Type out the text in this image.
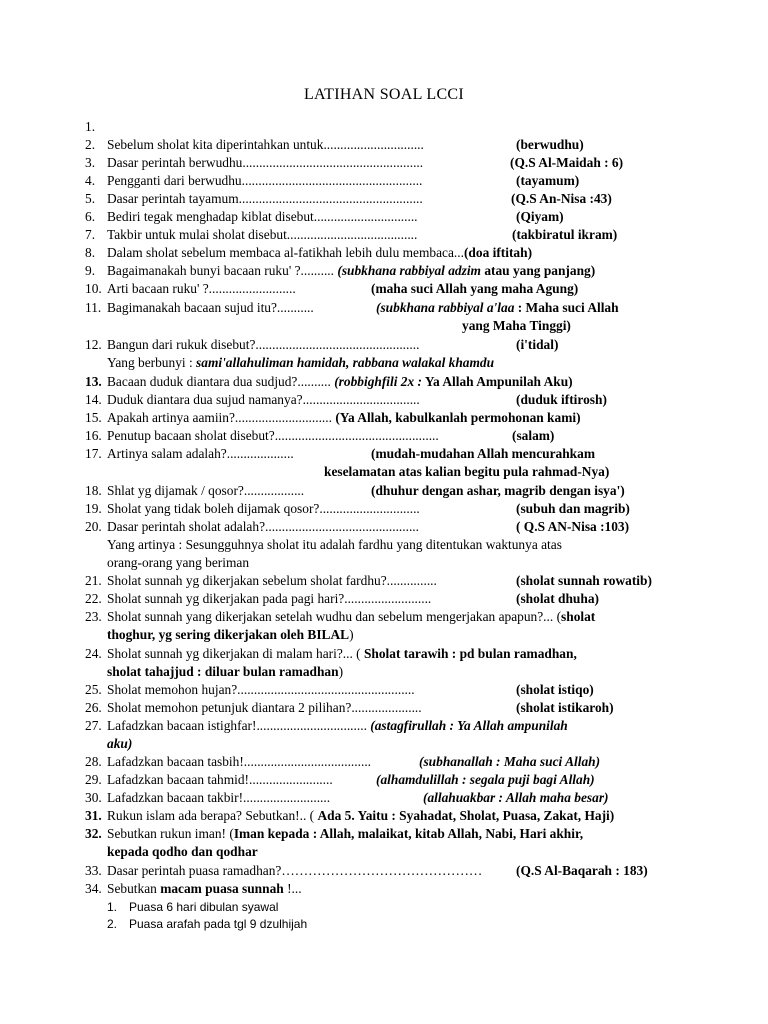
LATIHAN SOAL LCCI
1.
2. Sebelum sholat kita diperintahkan untuk..............................	(berwudhu)
3. Dasar perintah berwudhu......................................................	(Q.S Al-Maidah : 6)
4. Pengganti dari berwudhu......................................................	(tayamum)
5. Dasar perintah tayamum.......................................................	(Q.S An-Nisa :43)
6. Bediri tegak menghadap kiblat disebut...............................	(Qiyam)
7. Takbir untuk mulai sholat disebut.......................................	(takbiratul ikram)
8. Dalam sholat sebelum membaca al-fatikhah lebih dulu membaca...(doa iftitah)
9. Bagaimanakah bunyi bacaan ruku' ?.......... (subkhana rabbiyal adzim atau yang panjang)
10. Arti bacaan ruku' ?..........................	(maha suci Allah yang maha Agung)
11. Bagimanakah bacaan sujud itu?...........	(subkhana rabbiyal a'laa : Maha suci Allah
yang Maha Tinggi)
12. Bangun dari rukuk disebut?.................................................	(i'tidal)
Yang berbunyi : sami'allahuliman hamidah, rabbana walakal khamdu
13. Bacaan duduk diantara dua sudjud?.......... (robbighfili 2x : Ya Allah Ampunilah Aku)
14. Duduk diantara dua sujud namanya?...................................	(duduk iftirosh)
15. Apakah artinya aamiin?............................. (Ya Allah, kabulkanlah permohonan kami)
16. Penutup bacaan sholat disebut?.................................................	(salam)
17. Artinya salam adalah?....................	(mudah-mudahan Allah mencurahkam
keselamatan atas kalian begitu pula rahmad-Nya)
18. Shlat yg dijamak / qosor?..................	(dhuhur dengan ashar, magrib dengan isya')
19. Sholat yang tidak boleh dijamak qosor?..............................	(subuh dan magrib)
20. Dasar perintah sholat adalah?..............................................	( Q.S AN-Nisa :103)
Yang artinya : Sesungguhnya sholat itu adalah fardhu yang ditentukan waktunya atas
orang-orang yang beriman
21. Sholat sunnah yg dikerjakan sebelum sholat fardhu?...............	(sholat sunnah rowatib)
22. Sholat sunnah yg dikerjakan pada pagi hari?..........................	(sholat dhuha)
23. Sholat sunnah yang dikerjakan setelah wudhu dan sebelum mengerjakan apapun?... (sholat
thoghur, yg sering dikerjakan oleh BILAL)
24. Sholat sunnah yg dikerjakan di malam hari?... ( Sholat tarawih : pd bulan ramadhan,
sholat tahajjud : diluar bulan ramadhan)
25. Sholat memohon hujan?.....................................................	(sholat istiqo)
26. Sholat memohon petunjuk diantara 2 pilihan?.....................	(sholat istikaroh)
27. Lafadzkan bacaan istighfar!................................. (astagfirullah : Ya Allah ampunilah
aku)
28. Lafadzkan bacaan tasbih!......................................	(subhanallah : Maha suci Allah)
29. Lafadzkan bacaan tahmid!.........................	(alhamdulillah : segala puji bagi Allah)
30. Lafadzkan bacaan takbir!..........................	(allahuakbar : Allah maha besar)
31. Rukun islam ada berapa? Sebutkan!.. ( Ada 5. Yaitu : Syahadat, Sholat, Puasa, Zakat, Haji)
32. Sebutkan rukun iman! (Iman kepada : Allah, malaikat, kitab Allah, Nabi, Hari akhir,
kepada qodho dan qodhar
33. Dasar perintah puasa ramadhan?………………………………………	(Q.S Al-Baqarah : 183)
34. Sebutkan macam puasa sunnah !...
1. Puasa 6 hari dibulan syawal
2. Puasa arafah pada tgl 9 dzulhijah
